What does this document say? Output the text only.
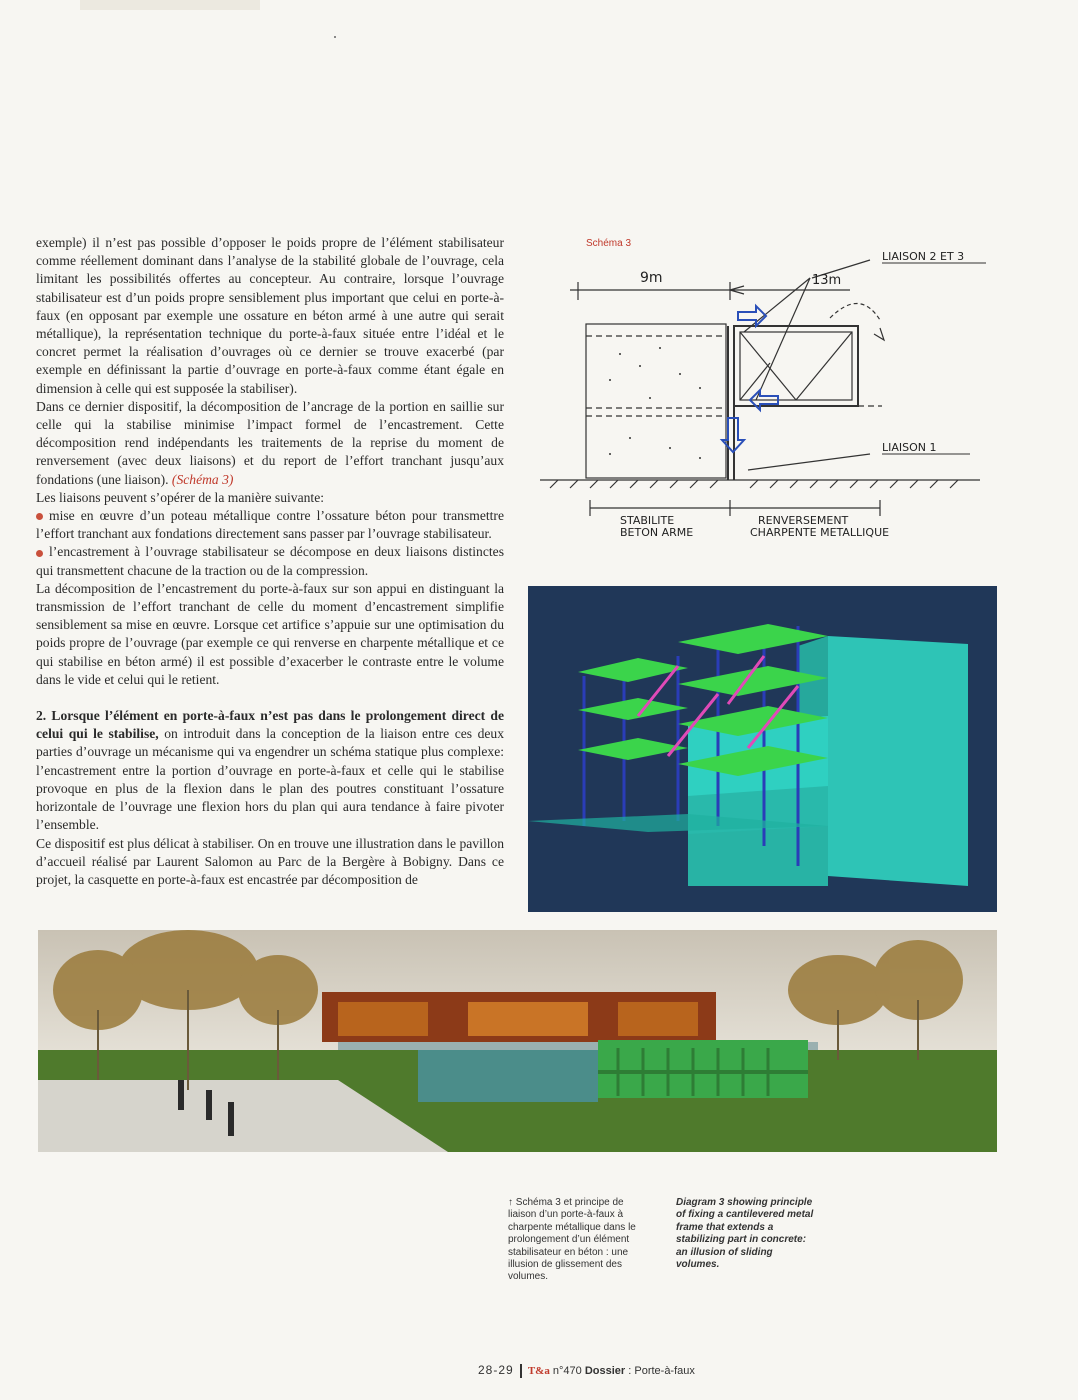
exemple) il n’est pas possible d’opposer le poids propre de l’élément stabilisateur comme réellement dominant dans l’analyse de la stabilité globale de l’ouvrage, cela limitant les possibilités offertes au concepteur. Au contraire, lorsque l’ouvrage stabilisateur est d’un poids propre sensiblement plus important que celui en porte-à-faux (en opposant par exemple une ossature en béton armé à une autre qui serait métallique), la représentation technique du porte-à-faux située entre l’idéal et le concret permet la réalisation d’ouvrages où ce dernier se trouve exacerbé (par exemple en définissant la partie d’ouvrage en porte-à-faux comme étant égale en dimension à celle qui est supposée la stabiliser).

Dans ce dernier dispositif, la décomposition de l’ancrage de la portion en saillie sur celle qui la stabilise minimise l’impact formel de l’encastrement. Cette décomposition rend indépendants les traitements de la reprise du moment de renversement (avec deux liaisons) et du report de l’effort tranchant jusqu’aux fondations (une liaison). (Schéma 3)

Les liaisons peuvent s’opérer de la manière suivante:

mise en œuvre d’un poteau métallique contre l’ossature béton pour transmettre l’effort tranchant aux fondations directement sans passer par l’ouvrage stabilisateur.
l’encastrement à l’ouvrage stabilisateur se décompose en deux liaisons distinctes qui transmettent chacune de la traction ou de la compression.

La décomposition de l’encastrement du porte-à-faux sur son appui en distinguant la transmission de l’effort tranchant de celle du moment d’encastrement simplifie sensiblement sa mise en œuvre. Lorsque cet artifice s’appuie sur une optimisation du poids propre de l’ouvrage (par exemple ce qui renverse en charpente métallique et ce qui stabilise en béton armé) il est possible d’exacerber le contraste entre le volume dans le vide et celui qui le retient.

2. Lorsque l’élément en porte-à-faux n’est pas dans le prolongement direct de celui qui le stabilise, on introduit dans la conception de la liaison entre ces deux parties d’ouvrage un mécanisme qui va engendrer un schéma statique plus complexe: l’encastrement entre la portion d’ouvrage en porte-à-faux et celle qui le stabilise provoque en plus de la flexion dans le plan des poutres constituant l’ossature horizontale de l’ouvrage une flexion hors du plan qui aura tendance à faire pivoter l’ensemble.

Ce dispositif est plus délicat à stabiliser. On en trouve une illustration dans le pavillon d’accueil réalisé par Laurent Salomon au Parc de la Bergère à Bobigny. Dans ce projet, la casquette en porte-à-faux est encastrée par décomposition de

Schéma 3
9m	13m
LIAISON 2 ET 3
LIAISON 1
STABILITE
BETON ARME
RENVERSEMENT
CHARPENTE METALLIQUE
↑ Schéma 3 et principe de liaison d’un porte-à-faux à charpente métallique dans le prolongement d’un élément stabilisateur en béton : une illusion de glissement des volumes.
Diagram 3 showing principle of fixing a cantilevered metal frame that extends a stabilizing part in concrete: an illusion of sliding volumes.
28-29 T&a n°470 Dossier : Porte-à-faux
